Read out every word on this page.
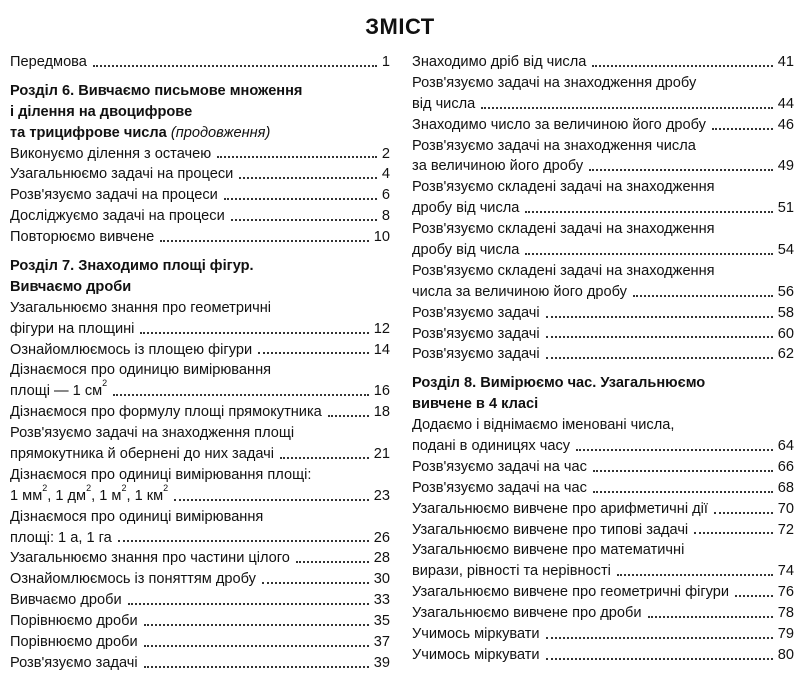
ЗМІСТ
Передмова	1
Розділ 6. Вивчаємо письмове множення
і ділення на двоцифрове
та трицифрове числа
(продовження)
Виконуємо ділення з остачею	2
Узагальнюємо задачі на процеси	4
Розв'язуємо задачі на процеси	6
Досліджуємо задачі на процеси	8
Повторюємо вивчене	10
Розділ 7. Знаходимо площі фігур.
Вивчаємо дроби
Узагальнюємо знання про геометричні
фігури на площині	12
Ознайомлюємось із площею фігури	14
Дізнаємося про одиницю вимірювання
площі — 1 $см^2$	16
Дізнаємося про формулу площі прямокутника	18
Розв'язуємо задачі на знаходження площі
прямокутника й обернені до них задачі	21
Дізнаємося про одиниці вимірювання площі:
1 $мм^2$, 1 $дм^2$, 1 $м^2$, 1 $км^2$	23
Дізнаємося про одиниці вимірювання
площі: 1 а, 1 га	26
Узагальнюємо знання про частини цілого	28
Ознайомлюємось із поняттям дробу	30
Вивчаємо дроби	33
Порівнюємо дроби	35
Порівнюємо дроби	37
Розв'язуємо задачі	39
Знаходимо дріб від числа	41
Розв'язуємо задачі на знаходження дробу
від числа	44
Знаходимо число за величиною його дробу	46
Розв'язуємо задачі на знаходження числа
за величиною його дробу	49
Розв'язуємо складені задачі на знаходження
дробу від числа	51
Розв'язуємо складені задачі на знаходження
дробу від числа	54
Розв'язуємо складені задачі на знаходження
числа за величиною його дробу	56
Розв'язуємо задачі	58
Розв'язуємо задачі	60
Розв'язуємо задачі	62
Розділ 8. Вимірюємо час. Узагальнюємо
вивчене в 4 класі
Додаємо і віднімаємо іменовані числа,
подані в одиницях часу	64
Розв'язуємо задачі на час	66
Розв'язуємо задачі на час	68
Узагальнюємо вивчене про арифметичні дії	70
Узагальнюємо вивчене про типові задачі	72
Узагальнюємо вивчене про математичні
вирази, рівності та нерівності	74
Узагальнюємо вивчене про геометричні фігури	76
Узагальнюємо вивчене про дроби	78
Учимось міркувати	79
Учимось міркувати	80
